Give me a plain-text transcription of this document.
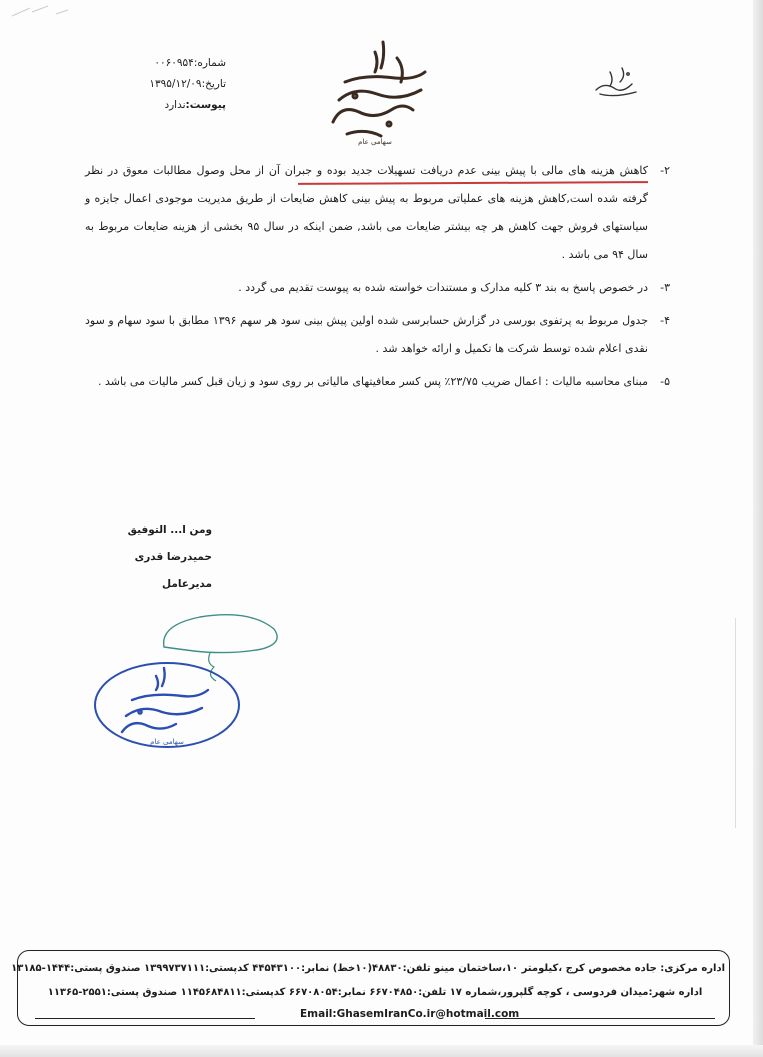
شماره:۰۰۶۰۹۵۴
تاریخ:۱۳۹۵/۱۲/۰۹
پیوست:ندارد
سهامی عام
۲-
کاهش هزینه های مالی با پیش بینی عدم دریافت تسهیلات جدید بوده و جبران آن از محل وصول مطالبات معوق در نظر گرفته شده است,کاهش هزینه های عملیاتی مربوط به پیش بینی کاهش ضایعات از طریق مدیریت موجودی اعمال جایزه و سیاستهای فروش جهت کاهش هر چه بیشتر ضایعات می باشد, ضمن اینکه در سال ۹۵ بخشی از هزینه ضایعات مربوط به سال ۹۴ می باشد .
۳-
در خصوص پاسخ به بند ۳ کلیه مدارک و مستندات خواسته شده به پیوست تقدیم می گردد .
۴-
جدول مربوط به پرتفوی بورسی در گزارش حسابرسی شده اولین پیش بینی سود هر سهم ۱۳۹۶ مطابق با سود سهام و سود نقدی اعلام شده توسط شرکت ها تکمیل و ارائه خواهد شد .
۵-
مبنای محاسبه مالیات : اعمال ضریب ۲۳/۷۵٪ پس کسر معافیتهای مالیاتی بر روی سود و زیان قبل کسر مالیات می باشد .
ومن ا... التوفیق
حمیدرضا قدری
مدیرعامل
سهامی عام
اداره مرکزی: جاده مخصوص کرج ،کیلومتر ۱۰،ساختمان مینو تلفن:۴۸۸۳۰(۱۰خط) نمابر:۴۴۵۴۳۱۰۰ کدپستی:۱۳۹۹۷۳۷۱۱۱ صندوق پستی:۱۴۴۴-۱۳۱۸۵
اداره شهر:میدان فردوسی ، کوچه گلپرور،شماره ۱۷ تلفن:۶۶۷۰۴۸۵۰ نمابر:۶۶۷۰۸۰۵۴ کدپستی:۱۱۴۵۶۸۴۸۱۱ صندوق پستی:۲۵۵۱-۱۱۳۶۵
Email:GhasemIranCo.ir@hotmail.com
